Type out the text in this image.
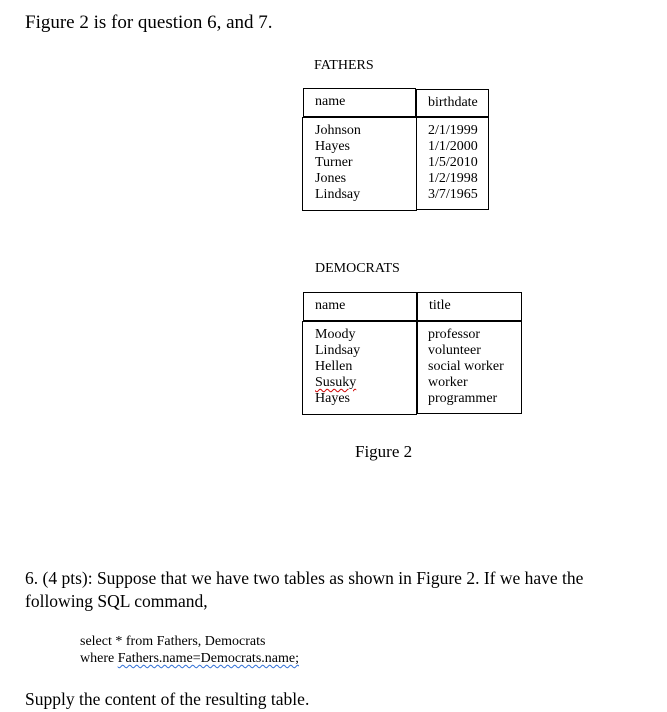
Figure 2 is for question 6, and 7.
FATHERS
name	birthdate
Johnson
Hayes
Turner
Jones
Lindsay
2/1/1999
1/1/2000
1/5/2010
1/2/1998
3/7/1965
DEMOCRATS
name	title
Moody
Lindsay
Hellen
Susuky
Hayes
professor
volunteer
social worker
worker
programmer
Figure 2
6. (4 pts): Suppose that we have two tables as shown in Figure 2. If we have the following SQL command,
select * from Fathers, Democrats
where Fathers.name=Democrats.name;
Supply the content of the resulting table.
